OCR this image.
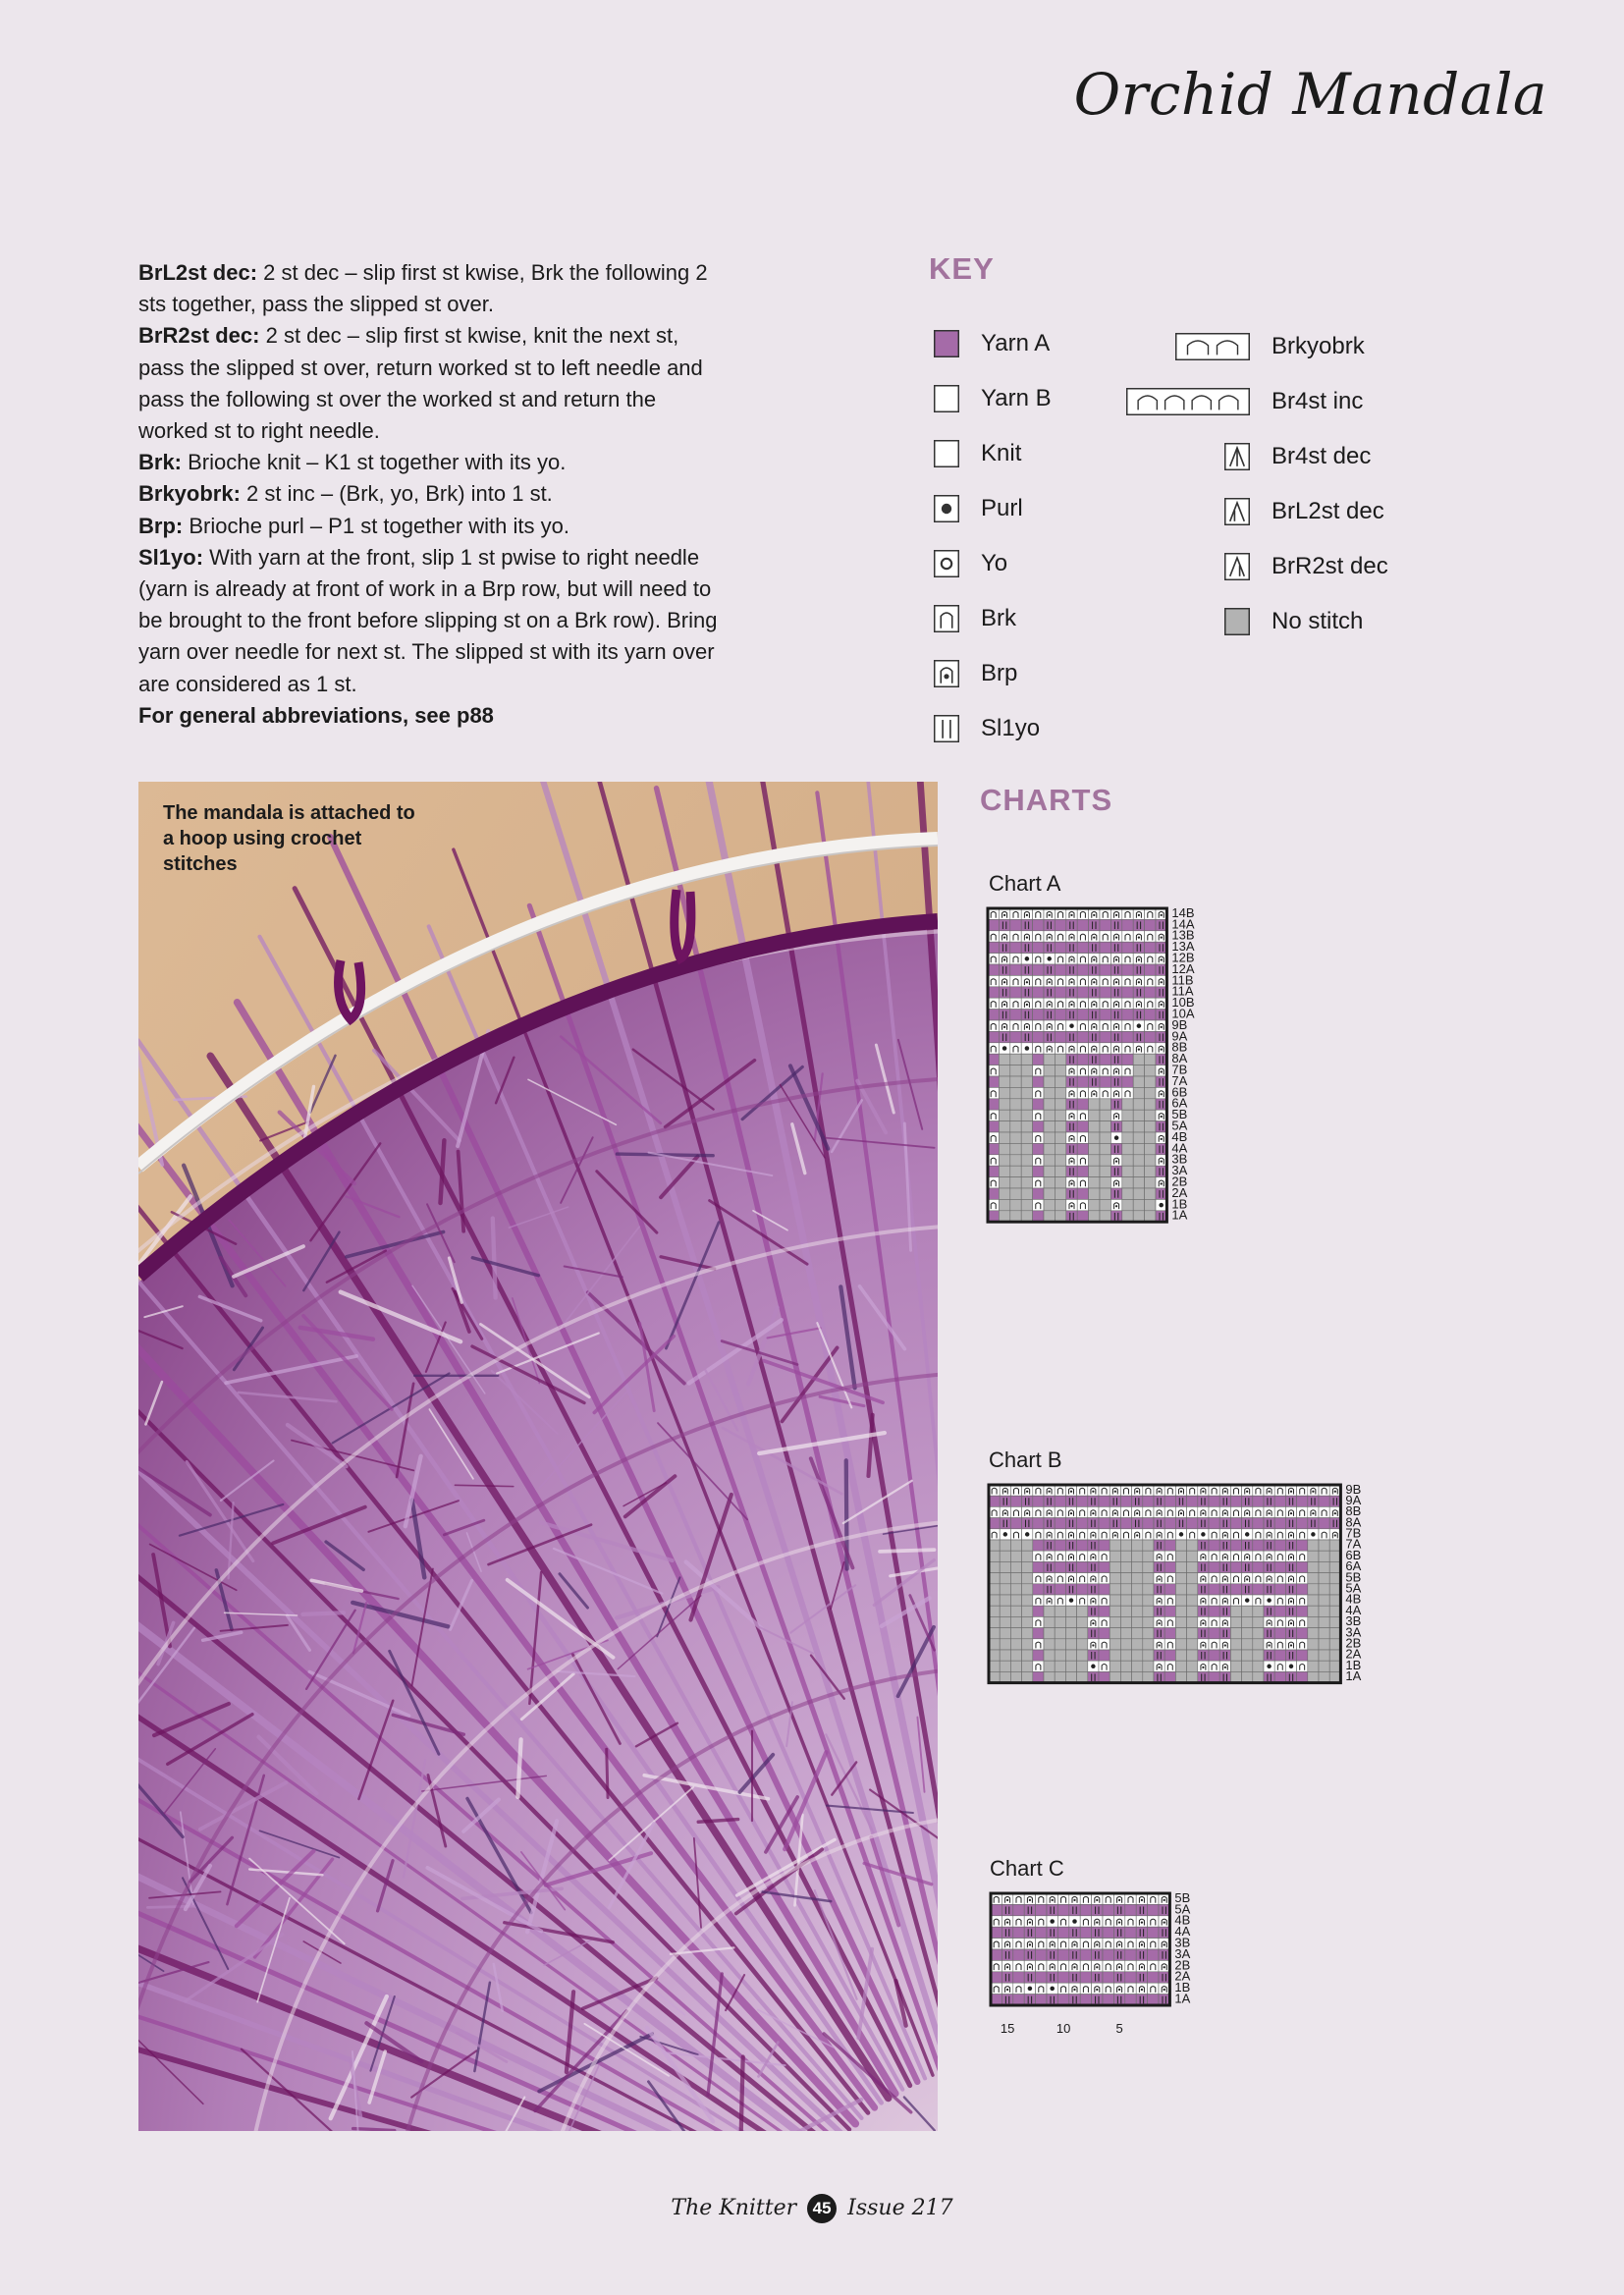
Orchid Mandala

BrL2st dec: 2 st dec – slip first st kwise, Brk the following 2 sts together, pass the slipped st over.

BrR2st dec: 2 st dec – slip first st kwise, knit the next st, pass the slipped st over, return worked st to left needle and pass the following st over the worked st and return the worked st to right needle.

Brk: Brioche knit – K1 st together with its yo.

Brkyobrk: 2 st inc – (Brk, yo, Brk) into 1 st.

Brp: Brioche purl – P1 st together with its yo.

Sl1yo: With yarn at the front, slip 1 st pwise to right needle (yarn is already at front of work in a Brp row, but will need to be brought to the front before slipping st on a Brk row). Bring yarn over needle for next st. The slipped st with its yarn over are considered as 1 st.

For general abbreviations, see p88

KEY

The mandala is attached to a hoop using crochet stitches

CHARTS
Chart A
14B
14A
13B
13A
12B
12A
11B
11A
10B
10A
9B
9A
8B
8A
7B
7A
6B
6A
5B
5A
4B
4A
3B
3A
2B
2A
1B
1A
Chart B
9B
9A
8B
8A
7B
7A
6B
6A
5B
5A
4B
4A
3B
3A
2B
2A
1B
1A
Chart C
5B
5A
4B
4A
3B
3A
2B
2A
1B
1A
15	10	5
The Knitter 45 Issue 217
Yarn A
Yarn B
Knit
Purl
Yo
Brk
Brp
Sl1yo
Brkyobrk
Br4st inc
Br4st dec
BrL2st dec
BrR2st dec
No stitch
